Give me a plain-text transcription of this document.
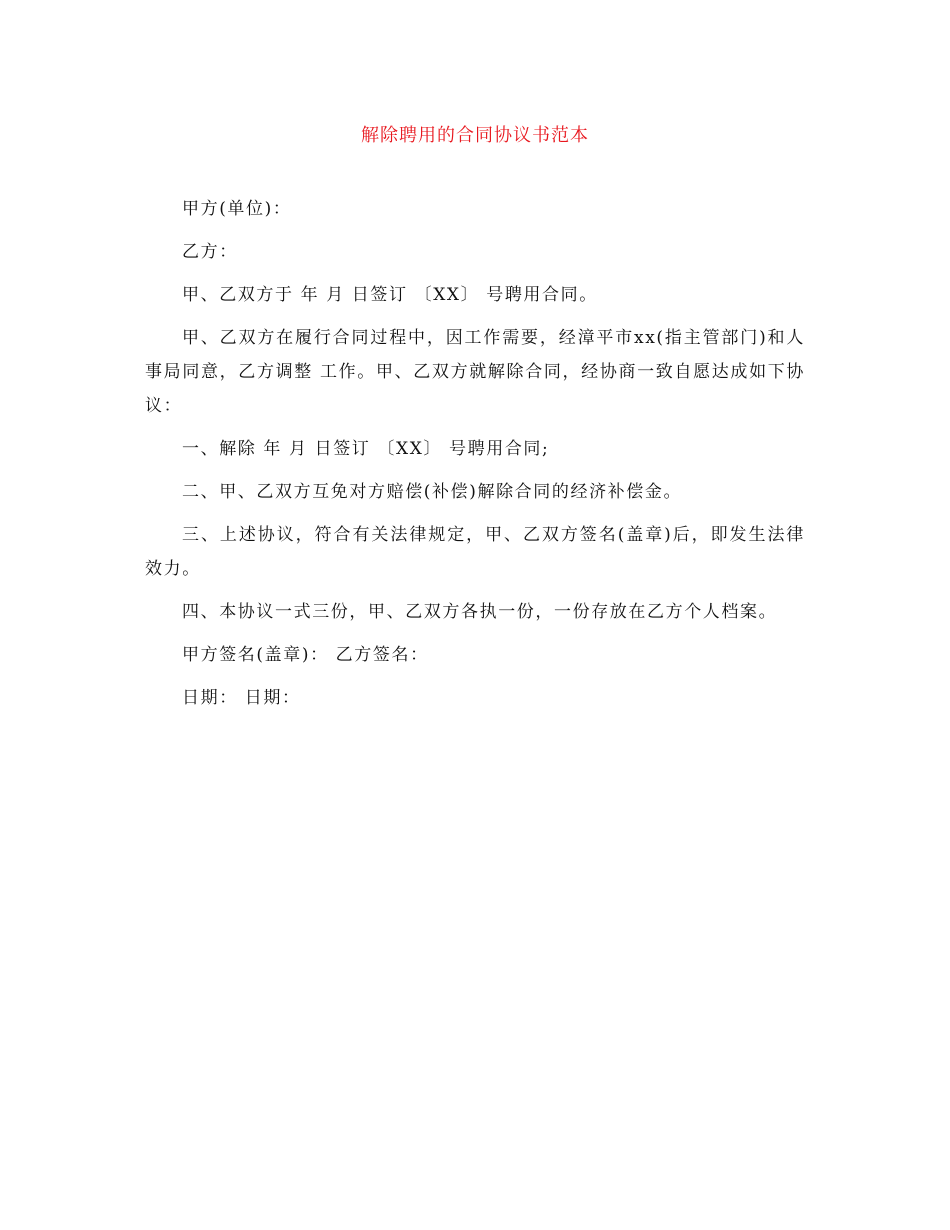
解除聘用的合同协议书范本

甲方(单位)：

乙方：

甲、乙双方于 年 月 日签订 〔XX〕 号聘用合同。

甲、乙双方在履行合同过程中，因工作需要，经漳平市xx(指主管部门)和人事局同意，乙方调整 工作。甲、乙双方就解除合同，经协商一致自愿达成如下协议：

一、解除 年 月 日签订 〔XX〕 号聘用合同;

二、甲、乙双方互免对方赔偿(补偿)解除合同的经济补偿金。

三、上述协议，符合有关法律规定，甲、乙双方签名(盖章)后，即发生法律效力。

四、本协议一式三份，甲、乙双方各执一份，一份存放在乙方个人档案。

甲方签名(盖章)： 乙方签名：

日期： 日期：
